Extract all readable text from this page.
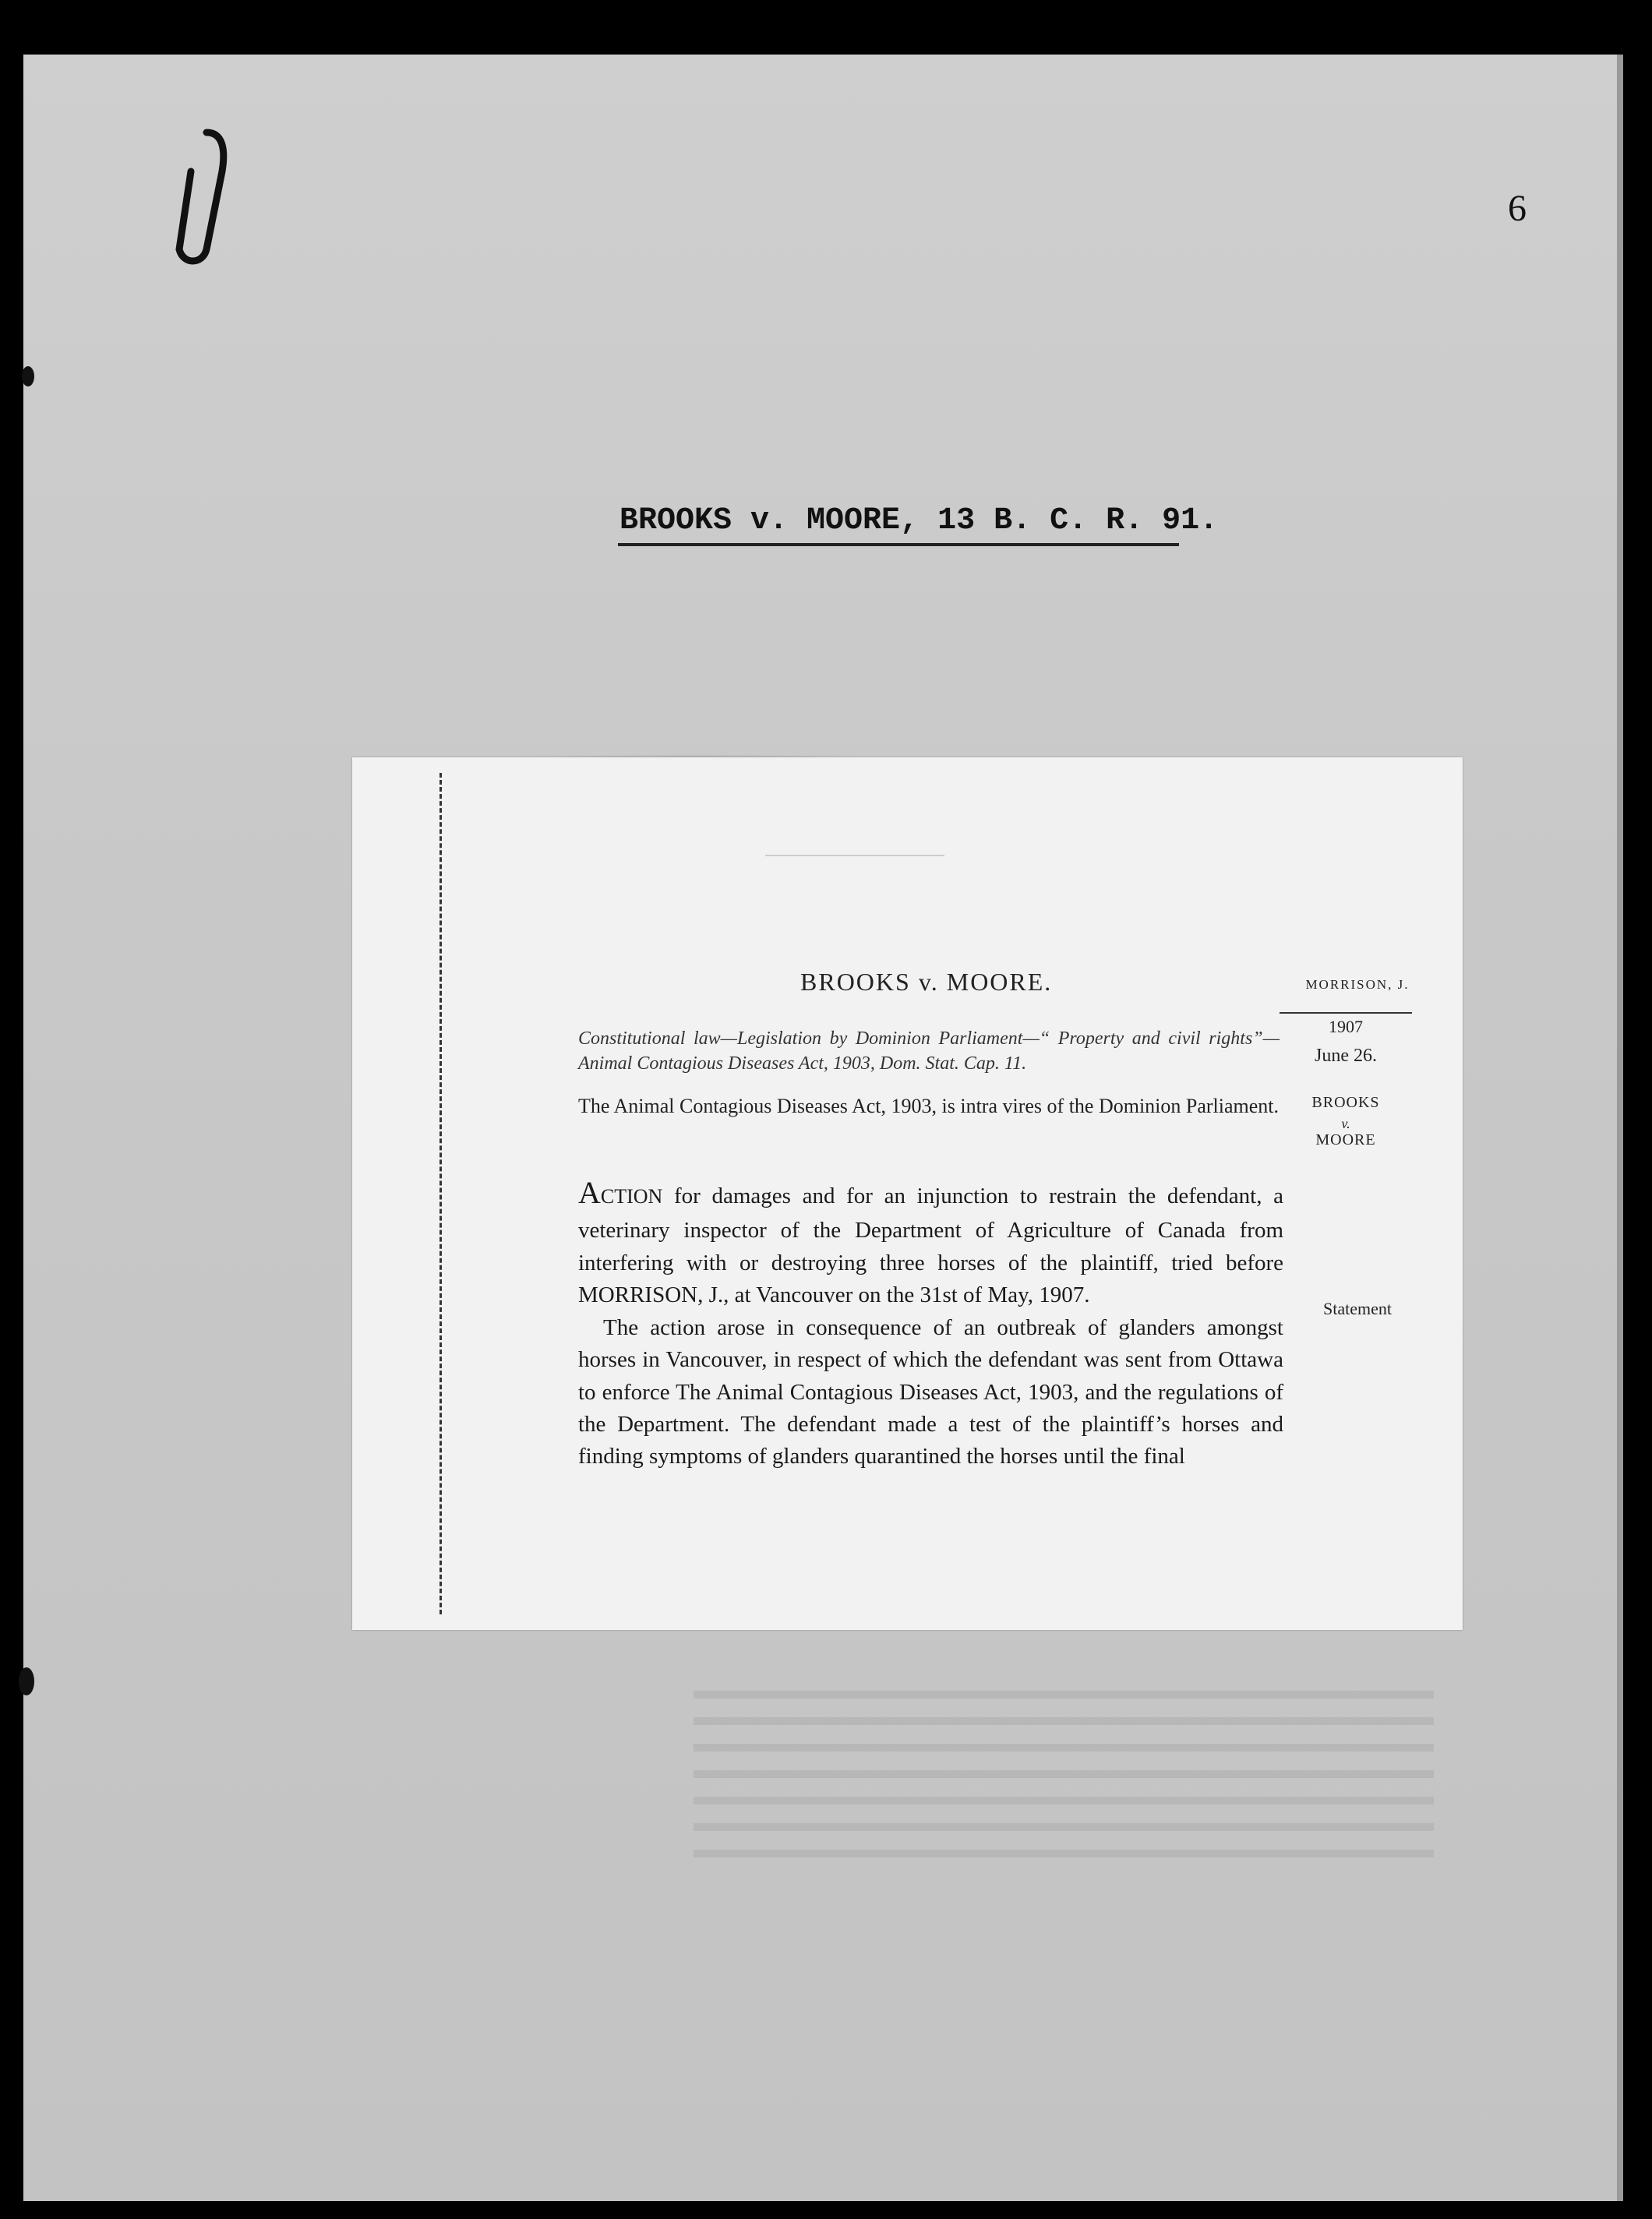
6
BROOKS v. MOORE, 13 B. C. R. 91.
BROOKS v. MOORE.
Constitutional law—Legislation by Dominion Parliament—“ Property and civil rights”—Animal Contagious Diseases Act, 1903, Dom. Stat. Cap. 11.
The Animal Contagious Diseases Act, 1903, is intra vires of the Dominion Parliament.

ACTION for damages and for an injunction to restrain the defendant, a veterinary inspector of the Department of Agriculture of Canada from interfering with or destroying three horses of the plaintiff, tried before MORRISON, J., at Vancouver on the 31st of May, 1907.

The action arose in consequence of an outbreak of glanders amongst horses in Vancouver, in respect of which the defendant was sent from Ottawa to enforce The Animal Contagious Diseases Act, 1903, and the regulations of the Department. The defendant made a test of the plaintiff’s horses and finding symptoms of glanders quarantined the horses until the final

MORRISON, J.
1907
June 26.
BROOKS
v.
MOORE
Statement
